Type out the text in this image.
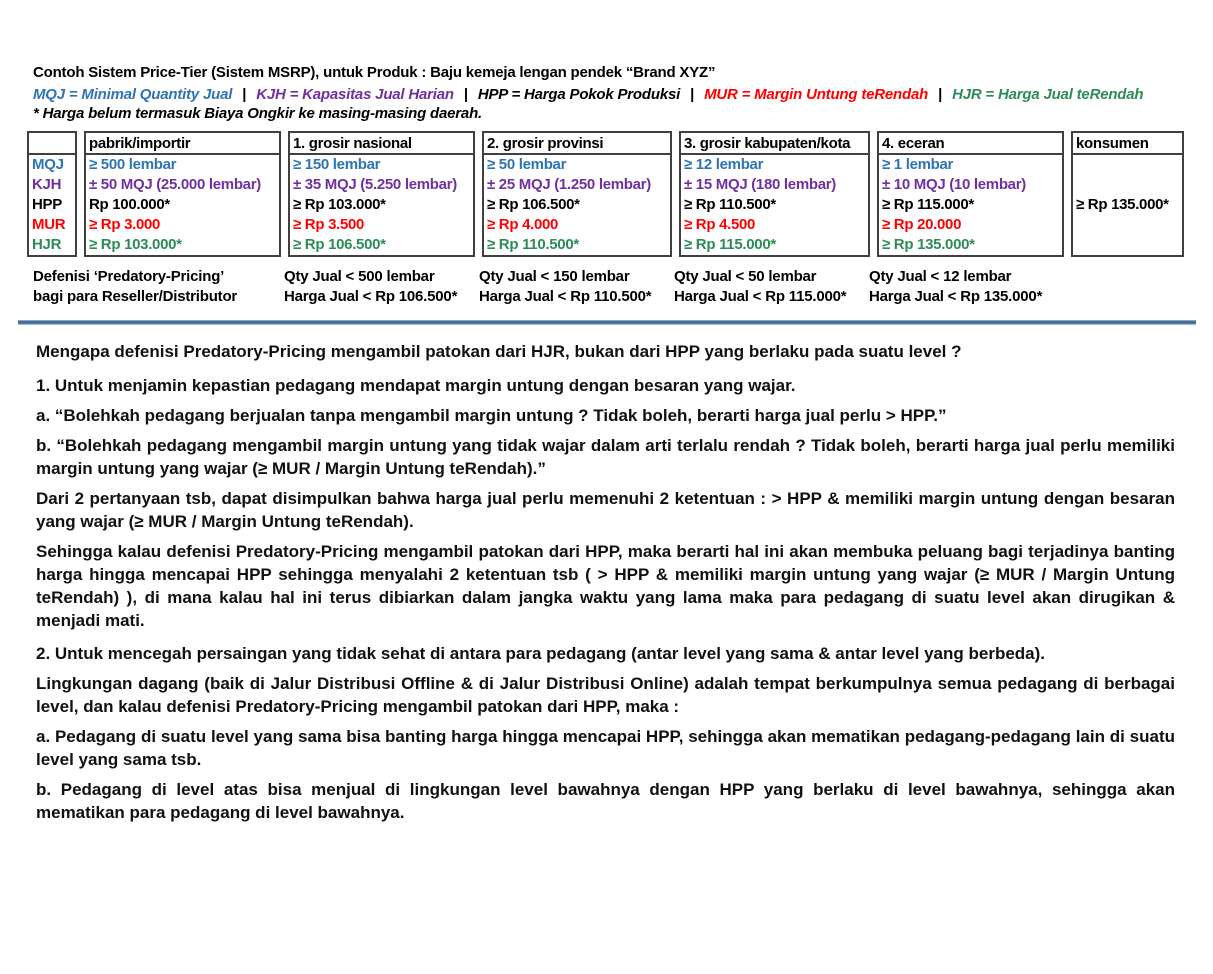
Contoh Sistem Price-Tier (Sistem MSRP), untuk Produk : Baju kemeja lengan pendek “Brand XYZ”
MQJ = Minimal Quantity Jual | KJH = Kapasitas Jual Harian | HPP = Harga Pokok Produksi | MUR = Margin Untung teRendah | HJR = Harga Jual teRendah
* Harga belum termasuk Biaya Ongkir ke masing-masing daerah.
MQJ
KJH
HPP
MUR
HJR
pabrik/importir
≥ 500 lembar
± 50 MQJ (25.000 lembar)
Rp 100.000*
≥ Rp 3.000
≥ Rp 103.000*
1. grosir nasional
≥ 150 lembar
± 35 MQJ (5.250 lembar)
≥ Rp 103.000*
≥ Rp 3.500
≥ Rp 106.500*
2. grosir provinsi
≥ 50 lembar
± 25 MQJ (1.250 lembar)
≥ Rp 106.500*
≥ Rp 4.000
≥ Rp 110.500*
3. grosir kabupaten/kota
≥ 12 lembar
± 15 MQJ (180 lembar)
≥ Rp 110.500*
≥ Rp 4.500
≥ Rp 115.000*
4. eceran
≥ 1 lembar
± 10 MQJ (10 lembar)
≥ Rp 115.000*
≥ Rp 20.000
≥ Rp 135.000*
konsumen
≥ Rp 135.000*
Defenisi ‘Predatory-Pricing’
bagi para Reseller/Distributor
Qty Jual < 500 lembar
Harga Jual < Rp 106.500*
Qty Jual < 150 lembar
Harga Jual < Rp 110.500*
Qty Jual < 50 lembar
Harga Jual < Rp 115.000*
Qty Jual < 12 lembar
Harga Jual < Rp 135.000*

Mengapa defenisi Predatory-Pricing mengambil patokan dari HJR, bukan dari HPP yang berlaku pada suatu level ?

1. Untuk menjamin kepastian pedagang mendapat margin untung dengan besaran yang wajar.

a. “Bolehkah pedagang berjualan tanpa mengambil margin untung ? Tidak boleh, berarti harga jual perlu > HPP.”

b. “Bolehkah pedagang mengambil margin untung yang tidak wajar dalam arti terlalu rendah ? Tidak boleh, berarti harga jual perlu memiliki margin untung yang wajar (≥ MUR / Margin Untung teRendah).”

Dari 2 pertanyaan tsb, dapat disimpulkan bahwa harga jual perlu memenuhi 2 ketentuan : > HPP & memiliki margin untung dengan besaran yang wajar (≥ MUR / Margin Untung teRendah).

Sehingga kalau defenisi Predatory-Pricing mengambil patokan dari HPP, maka berarti hal ini akan membuka peluang bagi terjadinya banting harga hingga mencapai HPP sehingga menyalahi 2 ketentuan tsb ( > HPP & memiliki margin untung yang wajar (≥ MUR / Margin Untung teRendah) ), di mana kalau hal ini terus dibiarkan dalam jangka waktu yang lama maka para pedagang di suatu level akan dirugikan & menjadi mati.

2. Untuk mencegah persaingan yang tidak sehat di antara para pedagang (antar level yang sama & antar level yang berbeda).

Lingkungan dagang (baik di Jalur Distribusi Offline & di Jalur Distribusi Online) adalah tempat berkumpulnya semua pedagang di berbagai level, dan kalau defenisi Predatory-Pricing mengambil patokan dari HPP, maka :

a. Pedagang di suatu level yang sama bisa banting harga hingga mencapai HPP, sehingga akan mematikan pedagang-pedagang lain di suatu level yang sama tsb.

b. Pedagang di level atas bisa menjual di lingkungan level bawahnya dengan HPP yang berlaku di level bawahnya, sehingga akan mematikan para pedagang di level bawahnya.
